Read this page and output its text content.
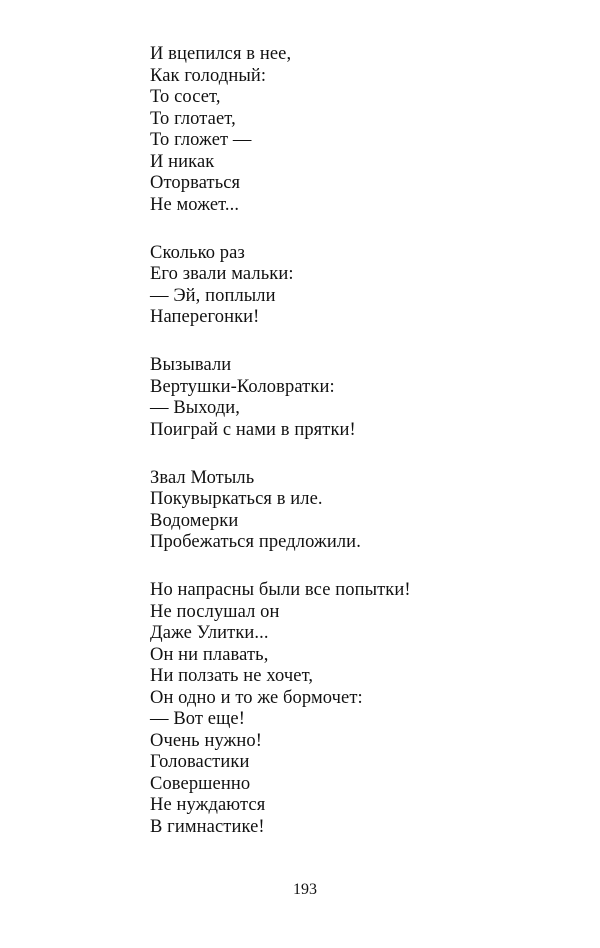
И вцепился в нее,
Как голодный:
То сосет,
То глотает,
То гложет —
И никак
Оторваться
Не может...
Сколько раз
Его звали мальки:
— Эй, поплыли
Наперегонки!
Вызывали
Вертушки-Коловратки:
— Выходи,
Поиграй с нами в прятки!
Звал Мотыль
Покувыркаться в иле.
Водомерки
Пробежаться предложили.
Но напрасны были все попытки!
Не послушал он
Даже Улитки...
Он ни плавать,
Ни ползать не хочет,
Он одно и то же бормочет:
— Вот еще!
Очень нужно!
Головастики
Совершенно
Не нуждаются
В гимнастике!
193
